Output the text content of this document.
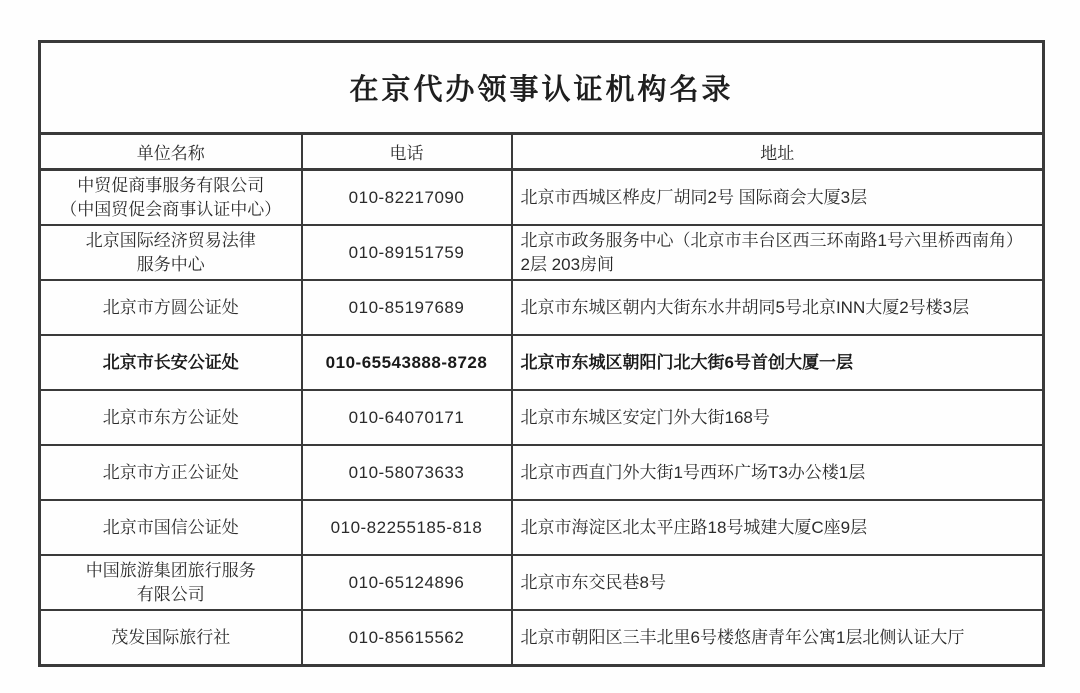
在京代办领事认证机构名录		
单位名称	电话	地址
中贸促商事服务有限公司
（中国贸促会商事认证中心）	010-82217090	北京市西城区桦皮厂胡同2号 国际商会大厦3层
北京国际经济贸易法律
服务中心	010-89151759	北京市政务服务中心（北京市丰台区西三环南路1号六里桥西南角）2层 203房间
北京市方圆公证处	010-85197689	北京市东城区朝内大街东水井胡同5号北京INN大厦2号楼3层
北京市长安公证处	010-65543888-8728	北京市东城区朝阳门北大街6号首创大厦一层
北京市东方公证处	010-64070171	北京市东城区安定门外大街168号
北京市方正公证处	010-58073633	北京市西直门外大街1号西环广场T3办公楼1层
北京市国信公证处	010-82255185-818	北京市海淀区北太平庄路18号城建大厦C座9层
中国旅游集团旅行服务
有限公司	010-65124896	北京市东交民巷8号
茂发国际旅行社	010-85615562	北京市朝阳区三丰北里6号楼悠唐青年公寓1层北侧认证大厅
